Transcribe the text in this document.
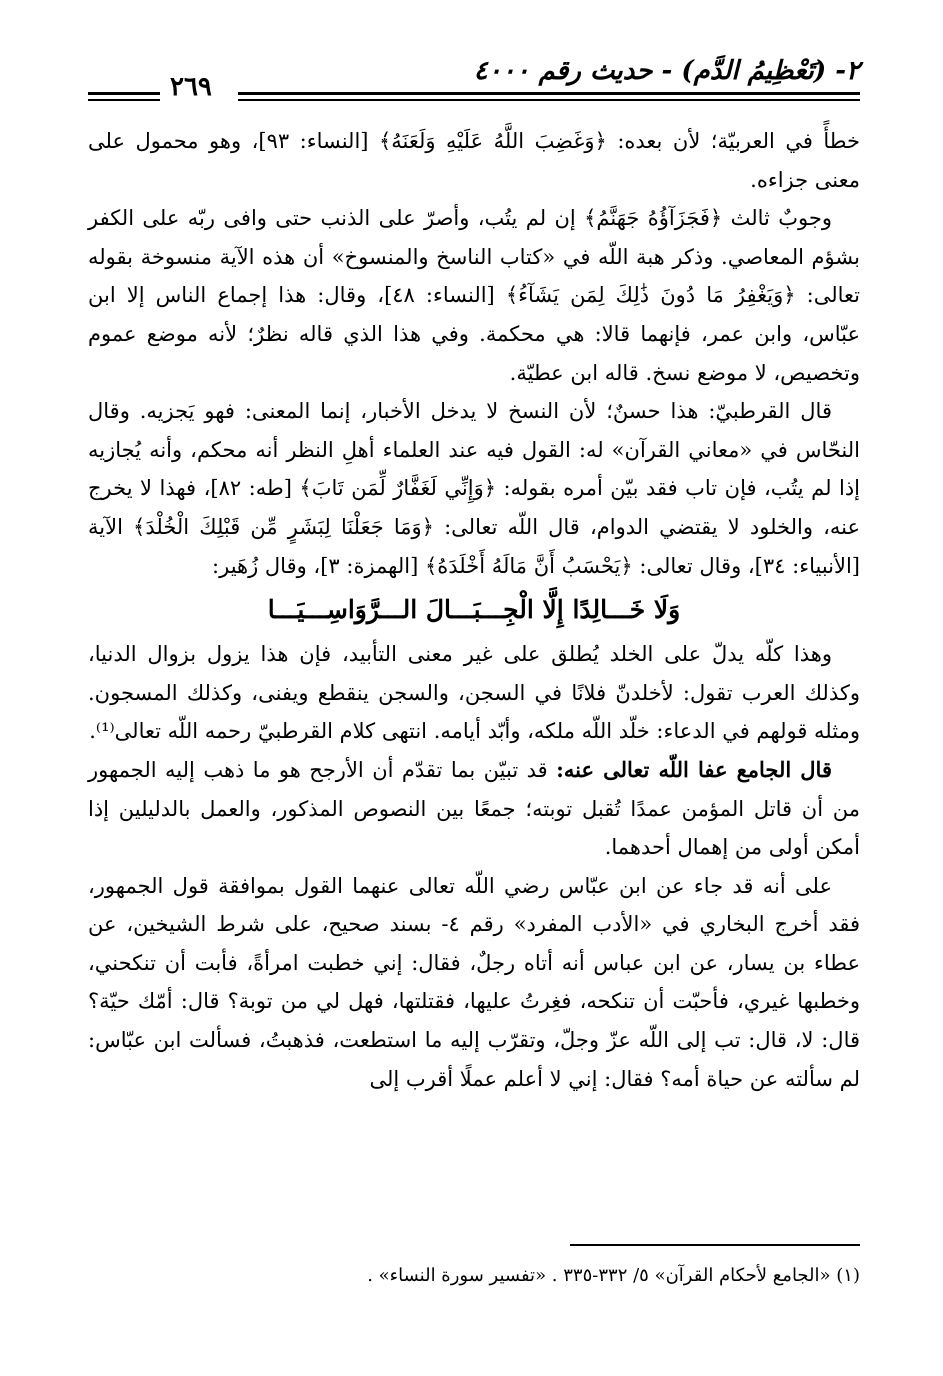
٢- (تَعْظِيمُ الدَّم) - حديث رقم ٤٠٠٠
٢٦٩

خطأً في العربيّة؛ لأن بعده: ﴿وَغَضِبَ اللَّهُ عَلَيْهِ وَلَعَنَهُ﴾ [النساء: ٩٣]، وهو محمول على معنى جزاءه.

وجوبٌ ثالث ﴿فَجَزَآؤُهُ جَهَنَّمُ﴾ إن لم يتُب، وأصرّ على الذنب حتى وافى ربّه على الكفر بشؤم المعاصي. وذكر هبة اللّه في «كتاب الناسخ والمنسوخ» أن هذه الآية منسوخة بقوله تعالى: ﴿وَيَغْفِرُ مَا دُونَ ذَٰلِكَ لِمَن يَشَآءُ﴾ [النساء: ٤٨]، وقال: هذا إجماع الناس إلا ابن عبّاس، وابن عمر، فإنهما قالا: هي محكمة. وفي هذا الذي قاله نظرٌ؛ لأنه موضع عموم وتخصيص، لا موضع نسخ. قاله ابن عطيّة.

قال القرطبيّ: هذا حسنٌ؛ لأن النسخ لا يدخل الأخبار، إنما المعنى: فهو يَجزيه. وقال النحّاس في «معاني القرآن» له: القول فيه عند العلماء أهلِ النظر أنه محكم، وأنه يُجازيه إذا لم يتُب، فإن تاب فقد بيّن أمره بقوله: ﴿وَإِنِّي لَغَفَّارٌ لِّمَن تَابَ﴾ [طه: ٨٢]، فهذا لا يخرج عنه، والخلود لا يقتضي الدوام، قال اللّه تعالى: ﴿وَمَا جَعَلْنَا لِبَشَرٍ مِّن قَبْلِكَ الْخُلْدَ﴾ الآية [الأنبياء: ٣٤]، وقال تعالى: ﴿يَحْسَبُ أَنَّ مَالَهُ أَخْلَدَهُ﴾ [الهمزة: ٣]، وقال زُهَير:

وَلَا خَـــالِدًا إِلَّا الْجِـــبَـــالَ الـــرَّوَاسِـــيَـــا

وهذا كلّه يدلّ على الخلد يُطلق على غير معنى التأبيد، فإن هذا يزول بزوال الدنيا، وكذلك العرب تقول: لأخلدنّ فلانًا في السجن، والسجن ينقطع ويفنى، وكذلك المسجون. ومثله قولهم في الدعاء: خلّد اللّه ملكه، وأبّد أيامه. انتهى كلام القرطبيّ رحمه اللّه تعالى⁽¹⁾.

قال الجامع عفا اللّه تعالى عنه: قد تبيّن بما تقدّم أن الأرجح هو ما ذهب إليه الجمهور من أن قاتل المؤمن عمدًا تُقبل توبته؛ جمعًا بين النصوص المذكور، والعمل بالدليلين إذا أمكن أولى من إهمال أحدهما.

على أنه قد جاء عن ابن عبّاس رضي اللّه تعالى عنهما القول بموافقة قول الجمهور، فقد أخرج البخاري في «الأدب المفرد» رقم ٤- بسند صحيح، على شرط الشيخين، عن عطاء بن يسار، عن ابن عباس أنه أتاه رجلٌ، فقال: إني خطبت امرأةً، فأبت أن تنكحني، وخطبها غيري، فأحبّت أن تنكحه، فغِرتُ عليها، فقتلتها، فهل لي من توبة؟ قال: أمّك حيّة؟ قال: لا، قال: تب إلى اللّه عزّ وجلّ، وتقرّب إليه ما استطعت، فذهبتُ، فسألت ابن عبّاس: لم سألته عن حياة أمه؟ فقال: إني لا أعلم عملًا أقرب إلى

(١) «الجامع لأحكام القرآن» ٥/ ٣٣٢-٣٣٥ . «تفسير سورة النساء» .
